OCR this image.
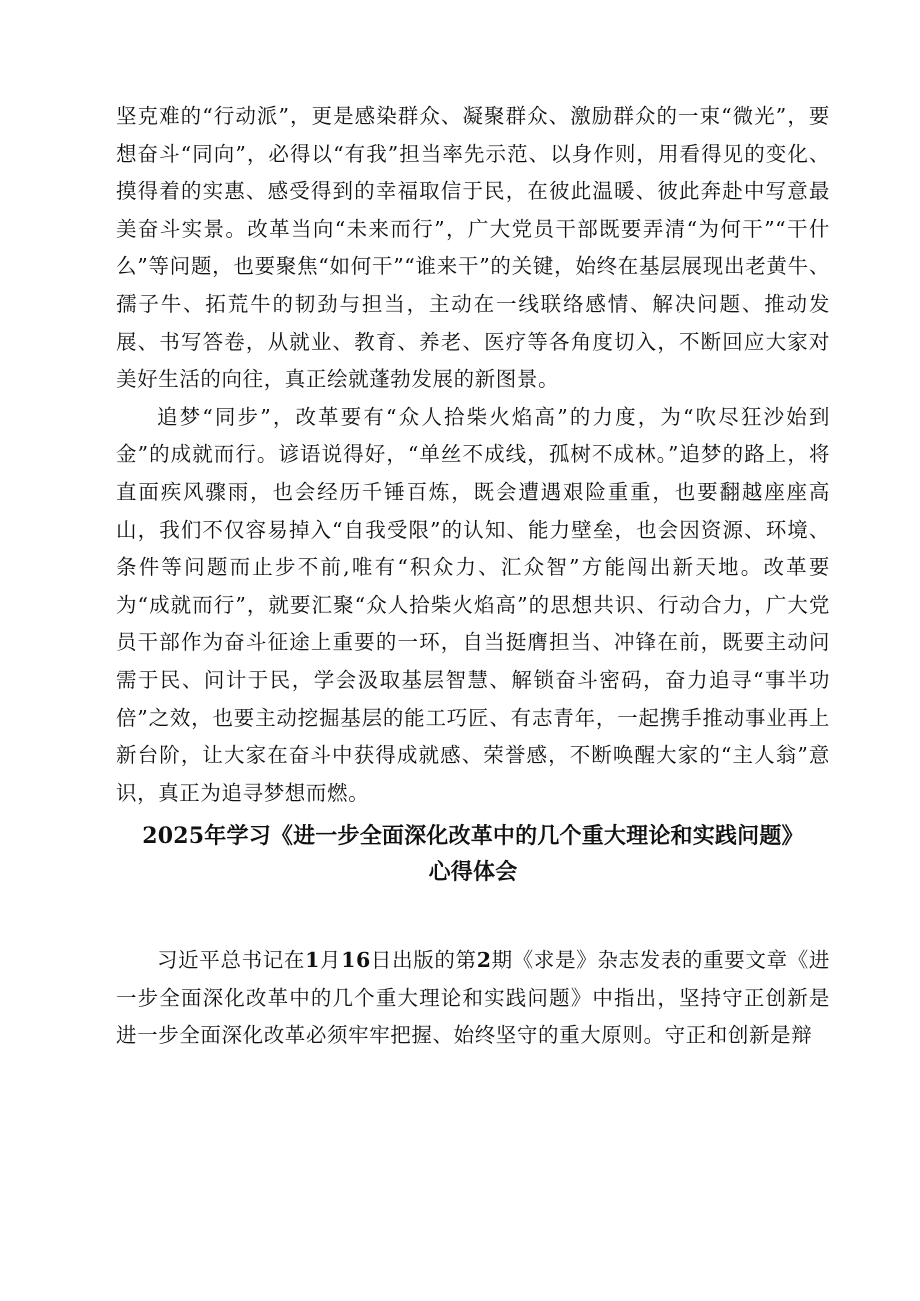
坚克难的“行动派”，更是感染群众、凝聚群众、激励群众的一束“微光”，要想奋斗“同向”，必得以“有我”担当率先示范、以身作则，用看得见的变化、摸得着的实惠、感受得到的幸福取信于民，在彼此温暖、彼此奔赴中写意最美奋斗实景。改革当向“未来而行”，广大党员干部既要弄清“为何干”“干什么”等问题，也要聚焦“如何干”“谁来干”的关键，始终在基层展现出老黄牛、孺子牛、拓荒牛的韧劲与担当，主动在一线联络感情、解决问题、推动发展、书写答卷，从就业、教育、养老、医疗等各角度切入，不断回应大家对美好生活的向往，真正绘就蓬勃发展的新图景。

追梦“同步”，改革要有“众人拾柴火焰高”的力度，为“吹尽狂沙始到金”的成就而行。谚语说得好，“单丝不成线，孤树不成林。”追梦的路上，将直面疾风骤雨，也会经历千锤百炼，既会遭遇艰险重重，也要翻越座座高山，我们不仅容易掉入“自我受限”的认知、能力壁垒，也会因资源、环境、条件等问题而止步不前,唯有“积众力、汇众智”方能闯出新天地。改革要为“成就而行”，就要汇聚“众人拾柴火焰高”的思想共识、行动合力，广大党员干部作为奋斗征途上重要的一环，自当挺膺担当、冲锋在前，既要主动问需于民、问计于民，学会汲取基层智慧、解锁奋斗密码，奋力追寻“事半功倍”之效，也要主动挖掘基层的能工巧匠、有志青年，一起携手推动事业再上新台阶，让大家在奋斗中获得成就感、荣誉感，不断唤醒大家的“主人翁”意识，真正为追寻梦想而燃。

2025年学习《进一步全面深化改革中的几个重大理论和实践问题》
心得体会

习近平总书记在1月16日出版的第2期《求是》杂志发表的重要文章《进一步全面深化改革中的几个重大理论和实践问题》中指出，坚持守正创新是进一步全面深化改革必须牢牢把握、始终坚守的重大原则。守正和创新是辩
